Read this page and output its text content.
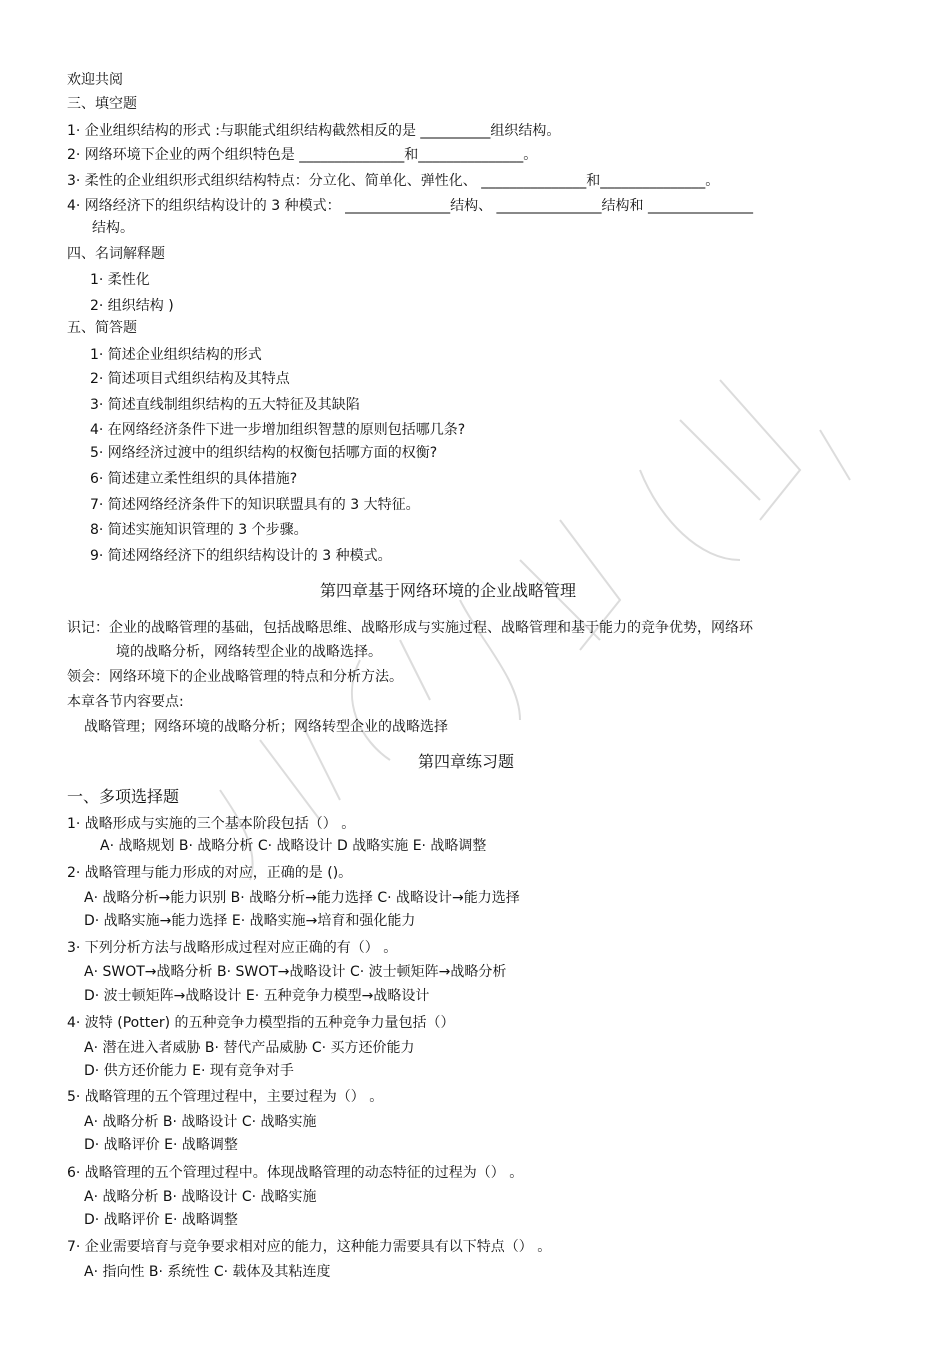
欢迎共阅
三、填空题
1· 企业组织结构的形式 :与职能式组织结构截然相反的是 __________组织结构。
2· 网络环境下企业的两个组织特色是 _______________和_______________。
3· 柔性的企业组织形式组织结构特点：分立化、简单化、弹性化、 _______________和_______________。
4· 网络经济下的组织结构设计的 3 种模式： _______________结构、 _______________结构和 _______________
结构。
四、名词解释题
1· 柔性化
2· 组织结构 )
五、简答题
1· 简述企业组织结构的形式
2· 简述项目式组织结构及其特点
3· 简述直线制组织结构的五大特征及其缺陷
4· 在网络经济条件下进一步增加组织智慧的原则包括哪几条?
5· 网络经济过渡中的组织结构的权衡包括哪方面的权衡?
6· 简述建立柔性组织的具体措施?
7· 简述网络经济条件下的知识联盟具有的 3 大特征。
8· 简述实施知识管理的 3 个步骤。
9· 简述网络经济下的组织结构设计的 3 种模式。
第四章基于网络环境的企业战略管理
识记：企业的战略管理的基础，包括战略思维、战略形成与实施过程、战略管理和基于能力的竞争优势，网络环
境的战略分析，网络转型企业的战略选择。
领会：网络环境下的企业战略管理的特点和分析方法。
本章各节内容要点:
战略管理；网络环境的战略分析；网络转型企业的战略选择
第四章练习题
一、多项选择题
1· 战略形成与实施的三个基本阶段包括（） 。
A· 战略规划 B· 战略分析 C· 战略设计 D 战略实施 E· 战略调整
2· 战略管理与能力形成的对应，正确的是 ()。
A· 战略分析→能力识别 B· 战略分析→能力选择 C· 战略设计→能力选择
D· 战略实施→能力选择 E· 战略实施→培育和强化能力
3· 下列分析方法与战略形成过程对应正确的有（） 。
A· SWOT→战略分析 B· SWOT→战略设计 C· 波士顿矩阵→战略分析
D· 波士顿矩阵→战略设计 E· 五种竞争力模型→战略设计
4· 波特 (Potter) 的五种竞争力模型指的五种竞争力量包括（）
A· 潜在进入者威胁 B· 替代产品威胁 C· 买方还价能力
D· 供方还价能力 E· 现有竞争对手
5· 战略管理的五个管理过程中，主要过程为（） 。
A· 战略分析 B· 战略设计 C· 战略实施
D· 战略评价 E· 战略调整
6· 战略管理的五个管理过程中。体现战略管理的动态特征的过程为（） 。
A· 战略分析 B· 战略设计 C· 战略实施
D· 战略评价 E· 战略调整
7· 企业需要培育与竞争要求相对应的能力，这种能力需要具有以下特点（） 。
A· 指向性 B· 系统性 C· 载体及其粘连度
